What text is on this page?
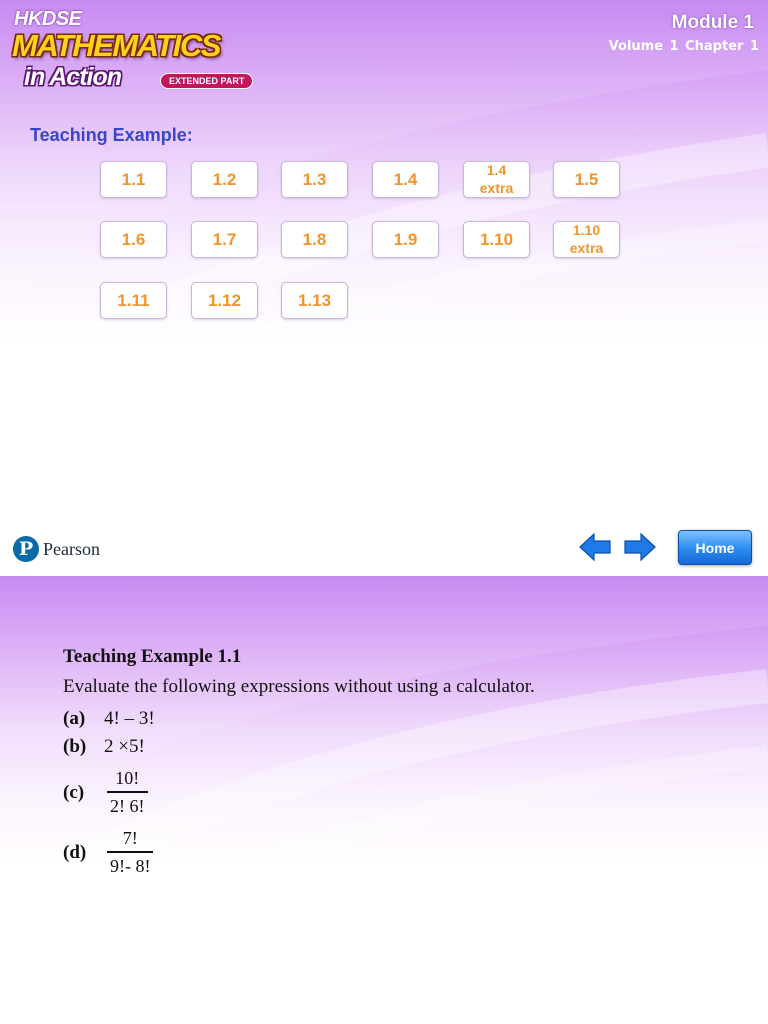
HKDSE
MATHEMATICS
in Action	EXTENDED PART
Module 1
Volume 1 Chapter 1
Teaching Example:
1.1	1.2	1.3	1.4	1.4
extra	1.5
1.6	1.7	1.8	1.9	1.10	1.10
extra
1.11	1.12	1.13
P Pearson	Home
Teaching Example 1.1
Evaluate the following expressions without using a calculator.
(a) 4! – 3!
(b) 2 ×5!
(c)
10!
2! 6!
(d)
7!
9!- 8!
